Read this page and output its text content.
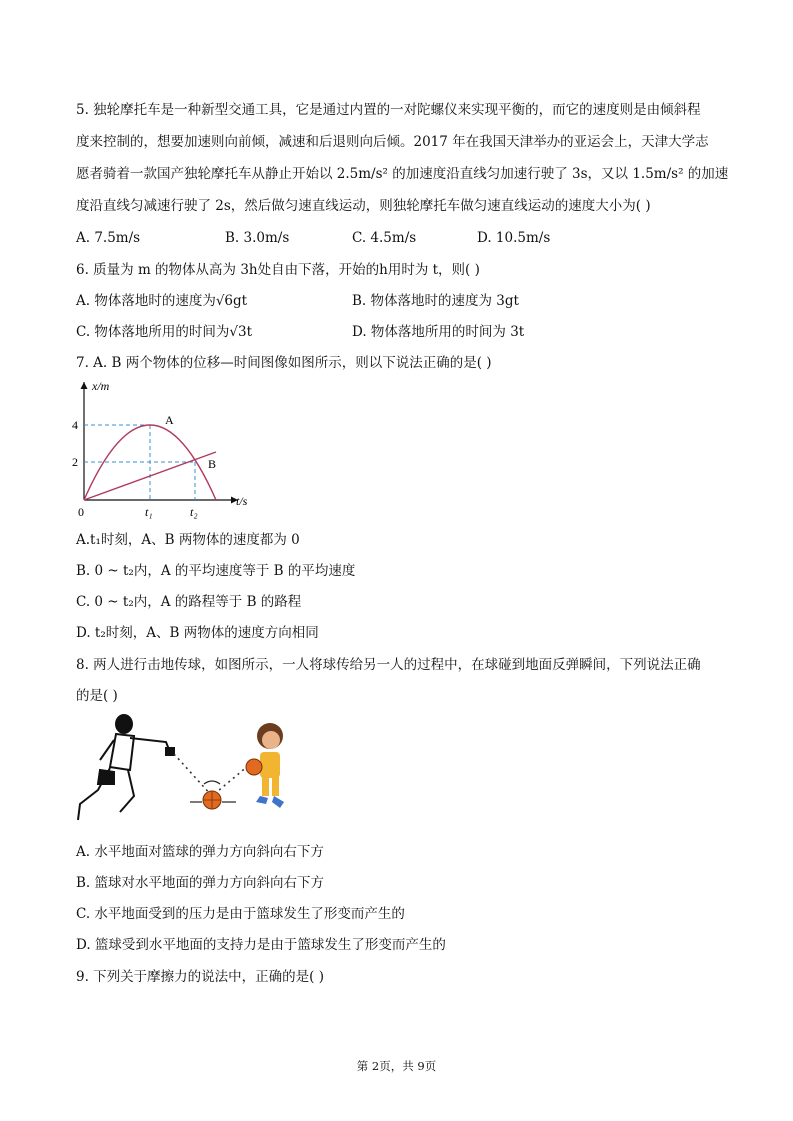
5. 独轮摩托车是一种新型交通工具，它是通过内置的一对陀螺仪来实现平衡的，而它的速度则是由倾斜程
度来控制的，想要加速则向前倾，减速和后退则向后倾。2017 年在我国天津举办的亚运会上，天津大学志
愿者骑着一款国产独轮摩托车从静止开始以 2.5m/s² 的加速度沿直线匀加速行驶了 3s，又以 1.5m/s² 的加速
度沿直线匀减速行驶了 2s，然后做匀速直线运动，则独轮摩托车做匀速直线运动的速度大小为( )
A. 7.5m/s	B. 3.0m/s	C. 4.5m/s	D. 10.5m/s
6. 质量为 m 的物体从高为 3h处自由下落，开始的h用时为 t，则( )
A. 物体落地时的速度为√6gt	B. 物体落地时的速度为 3gt
C. 物体落地所用的时间为√3t	D. 物体落地所用的时间为 3t
7. A. B 两个物体的位移—时间图像如图所示，则以下说法正确的是( )
x/m
t/s
4
2
0	t₁	t₂
A
B
A.t₁时刻，A、B 两物体的速度都为 0
B. 0 ~ t₂内，A 的平均速度等于 B 的平均速度
C. 0 ~ t₂内，A 的路程等于 B 的路程
D. t₂时刻，A、B 两物体的速度方向相同
8. 两人进行击地传球，如图所示，一人将球传给另一人的过程中，在球碰到地面反弹瞬间，下列说法正确
的是( )
A. 水平地面对篮球的弹力方向斜向右下方
B. 篮球对水平地面的弹力方向斜向右下方
C. 水平地面受到的压力是由于篮球发生了形变而产生的
D. 篮球受到水平地面的支持力是由于篮球发生了形变而产生的
9. 下列关于摩擦力的说法中，正确的是( )
第 2页，共 9页
